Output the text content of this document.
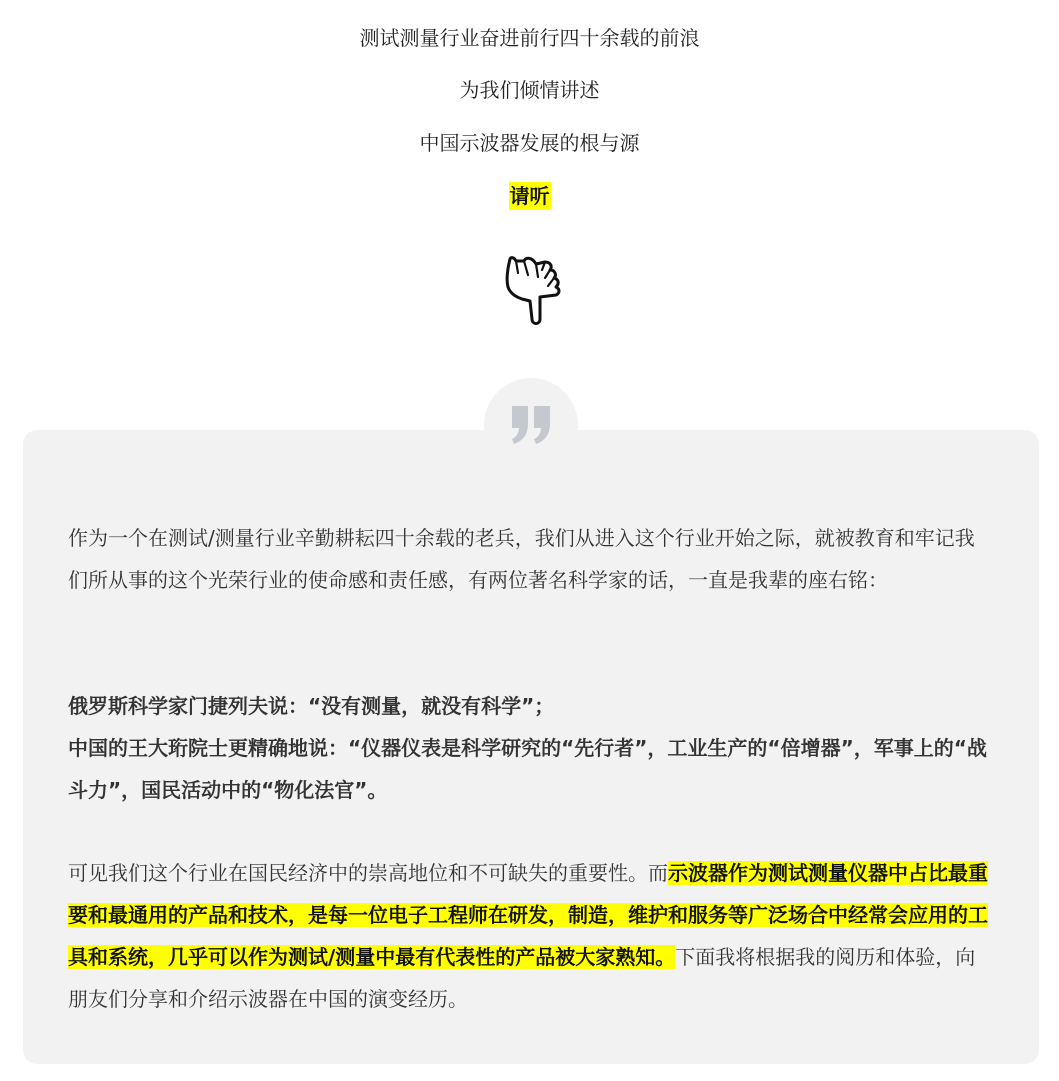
测试测量行业奋进前行四十余载的前浪
为我们倾情讲述
中国示波器发展的根与源
请听

作为一个在测试/测量行业辛勤耕耘四十余载的老兵，我们从进入这个行业开始之际，就被教育和牢记我们所从事的这个光荣行业的使命感和责任感，有两位著名科学家的话，一直是我辈的座右铭：

俄罗斯科学家门捷列夫说：“没有测量，就没有科学”；
中国的王大珩院士更精确地说：“仪器仪表是科学研究的“先行者”，工业生产的“倍增器”，军事上的“战斗力”，国民活动中的“物化法官”。

可见我们这个行业在国民经济中的崇高地位和不可缺失的重要性。而示波器作为测试测量仪器中占比最重要和最通用的产品和技术，是每一位电子工程师在研发，制造，维护和服务等广泛场合中经常会应用的工具和系统，几乎可以作为测试/测量中最有代表性的产品被大家熟知。下面我将根据我的阅历和体验，向朋友们分享和介绍示波器在中国的演变经历。
